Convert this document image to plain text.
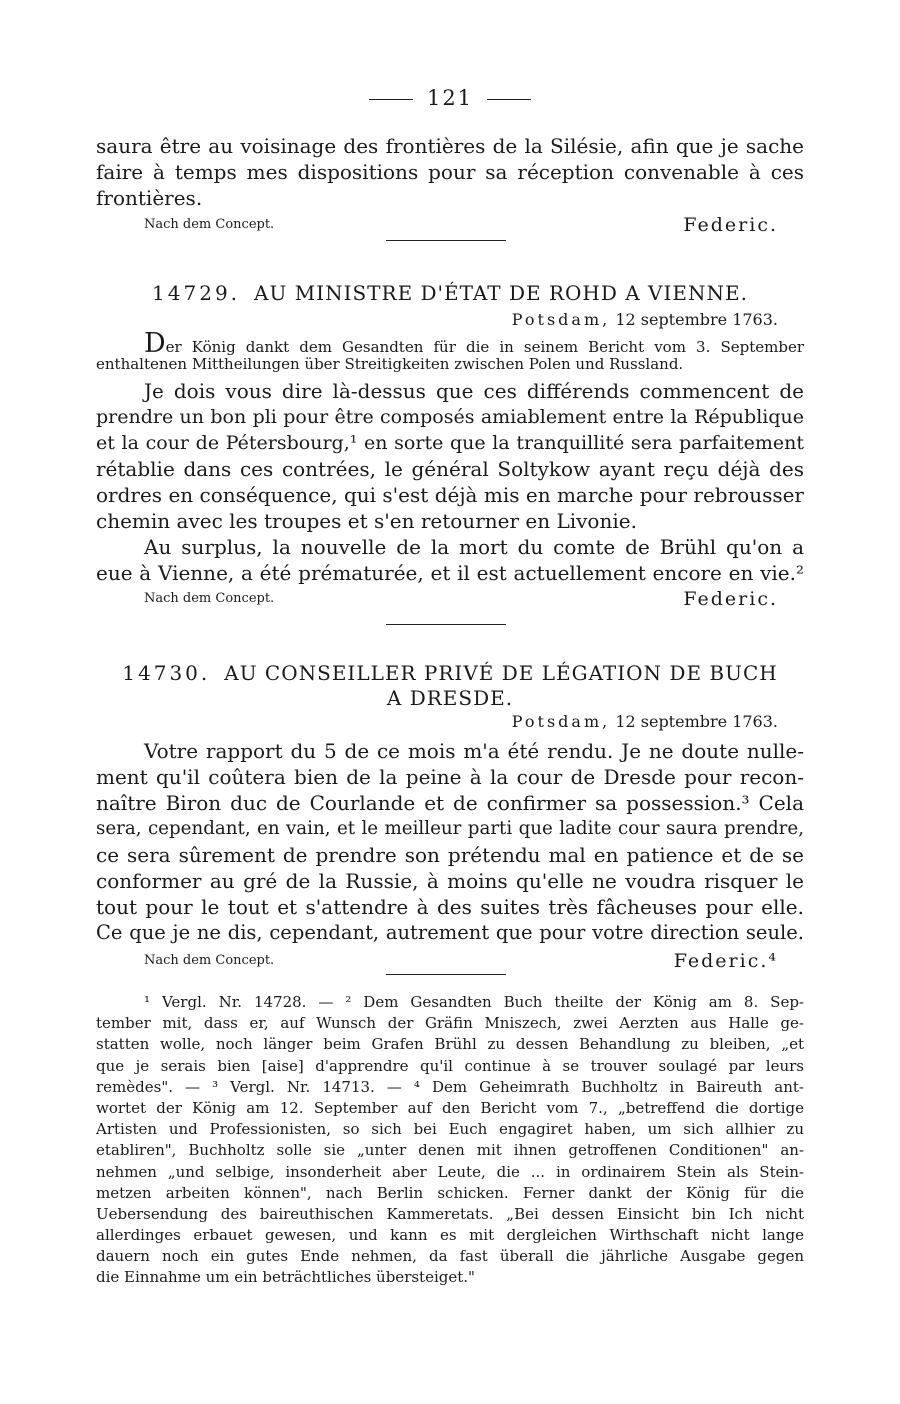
121
saura être au voisinage des frontières de la Silésie, afin que je sache
faire à temps mes dispositions pour sa réception convenable à ces
frontières.
Nach dem Concept.	Federic.
14729. AU MINISTRE D'ÉTAT DE ROHD A VIENNE.
Potsdam, 12 septembre 1763.
Der König dankt dem Gesandten für die in seinem Bericht vom 3. September
enthaltenen Mittheilungen über Streitigkeiten zwischen Polen und Russland.
Je dois vous dire là-dessus que ces différends commencent de
prendre un bon pli pour être composés amiablement entre la République
et la cour de Pétersbourg,¹ en sorte que la tranquillité sera parfaitement
rétablie dans ces contrées, le général Soltykow ayant reçu déjà des
ordres en conséquence, qui s'est déjà mis en marche pour rebrousser
chemin avec les troupes et s'en retourner en Livonie.
Au surplus, la nouvelle de la mort du comte de Brühl qu'on a
eue à Vienne, a été prématurée, et il est actuellement encore en vie.²
Nach dem Concept.	Federic.
14730. AU CONSEILLER PRIVÉ DE LÉGATION DE BUCH
A DRESDE.
Potsdam, 12 septembre 1763.
Votre rapport du 5 de ce mois m'a été rendu. Je ne doute nulle-
ment qu'il coûtera bien de la peine à la cour de Dresde pour recon-
naître Biron duc de Courlande et de confirmer sa possession.³ Cela
sera, cependant, en vain, et le meilleur parti que ladite cour saura prendre,
ce sera sûrement de prendre son prétendu mal en patience et de se
conformer au gré de la Russie, à moins qu'elle ne voudra risquer le
tout pour le tout et s'attendre à des suites très fâcheuses pour elle.
Ce que je ne dis, cependant, autrement que pour votre direction seule.
Nach dem Concept.	Federic.⁴
¹ Vergl. Nr. 14728. — ² Dem Gesandten Buch theilte der König am 8. Sep-
tember mit, dass er, auf Wunsch der Gräfin Mniszech, zwei Aerzten aus Halle ge-
statten wolle, noch länger beim Grafen Brühl zu dessen Behandlung zu bleiben, „et
que je serais bien [aise] d'apprendre qu'il continue à se trouver soulagé par leurs
remèdes". — ³ Vergl. Nr. 14713. — ⁴ Dem Geheimrath Buchholtz in Baireuth ant-
wortet der König am 12. September auf den Bericht vom 7., „betreffend die dortige
Artisten und Professionisten, so sich bei Euch engagiret haben, um sich allhier zu
etabliren", Buchholtz solle sie „unter denen mit ihnen getroffenen Conditionen" an-
nehmen „und selbige, insonderheit aber Leute, die ... in ordinairem Stein als Stein-
metzen arbeiten können", nach Berlin schicken. Ferner dankt der König für die
Uebersendung des baireuthischen Kammeretats. „Bei dessen Einsicht bin Ich nicht
allerdinges erbauet gewesen, und kann es mit dergleichen Wirthschaft nicht lange
dauern noch ein gutes Ende nehmen, da fast überall die jährliche Ausgabe gegen
die Einnahme um ein beträchtliches übersteiget."
